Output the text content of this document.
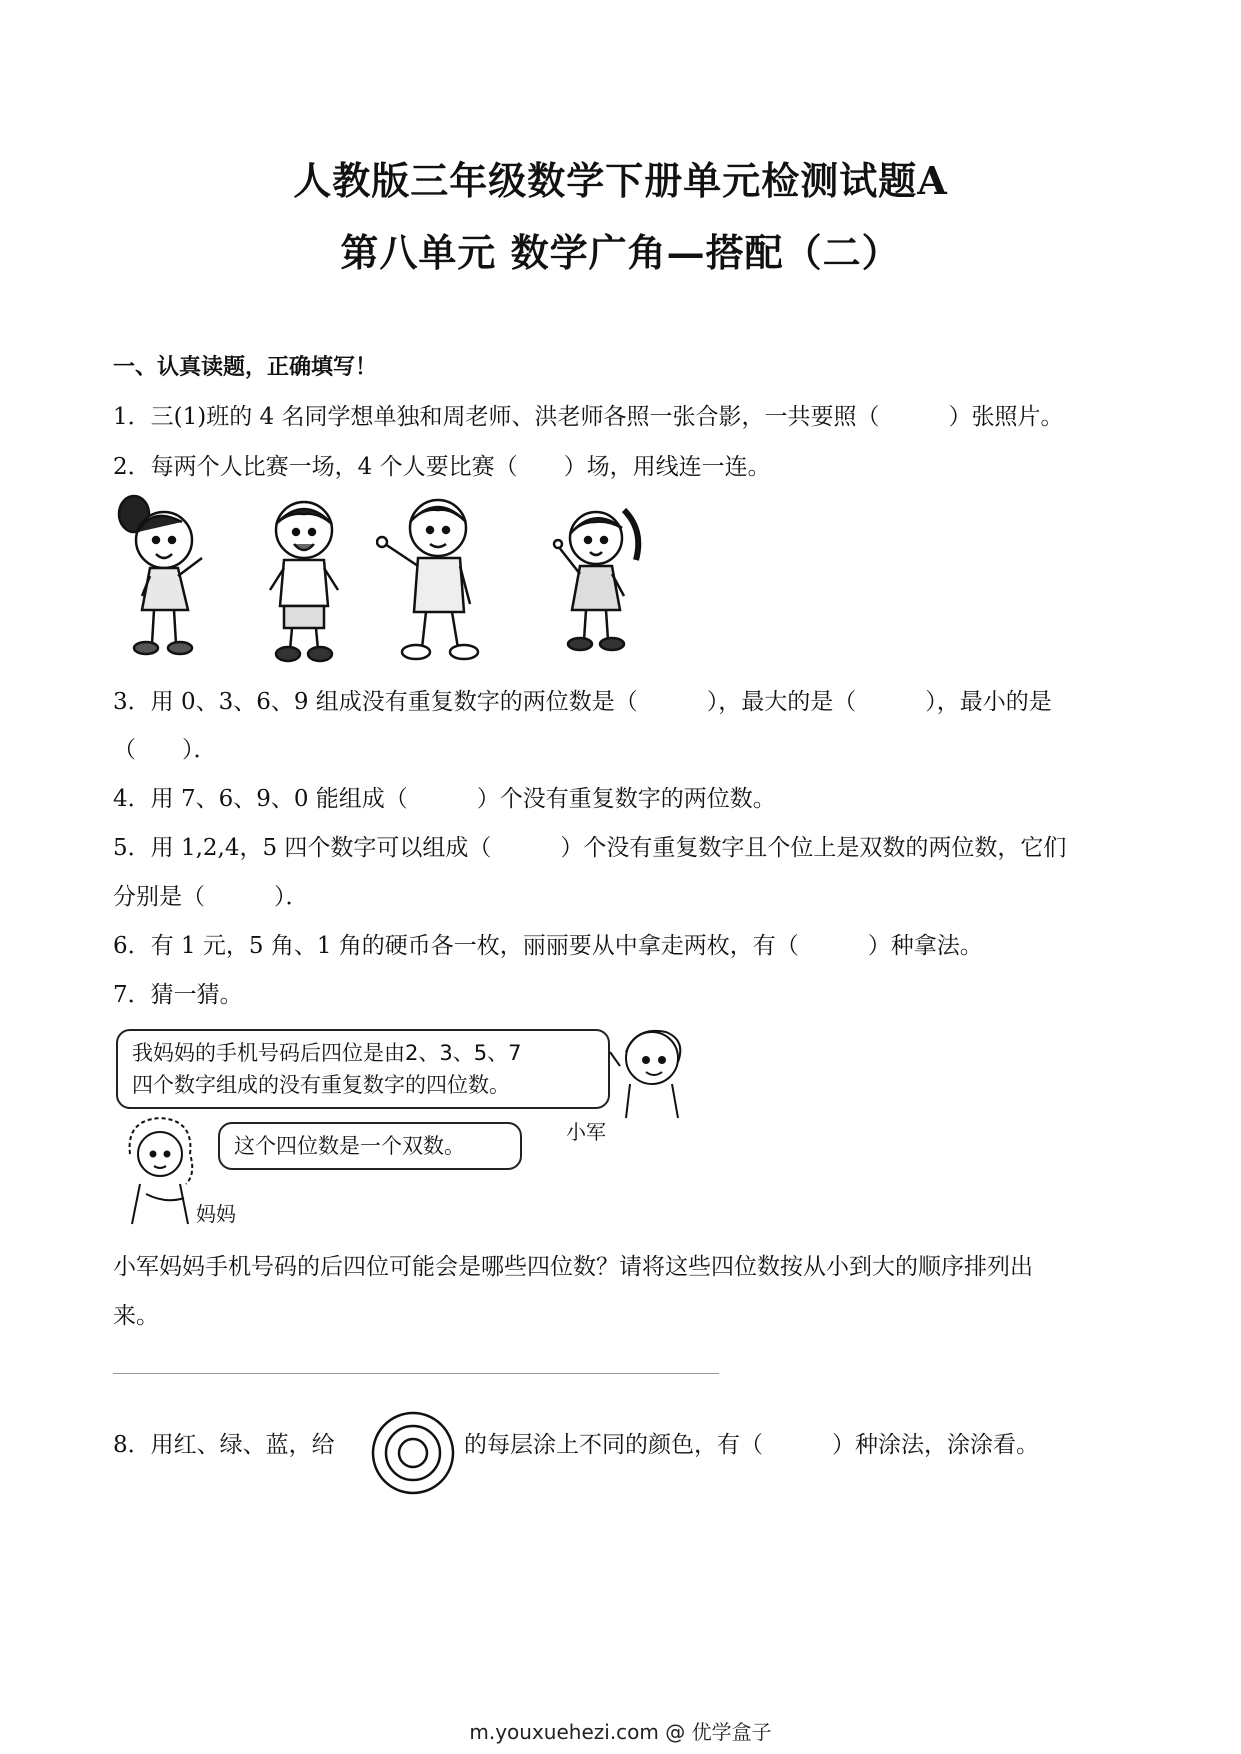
人教版三年级数学下册单元检测试题A
第八单元 数学广角—搭配（二）
一、认真读题，正确填写！
1．三(1)班的 4 名同学想单独和周老师、洪老师各照一张合影，一共要照（　　　）张照片。
2．每两个人比赛一场，4 个人要比赛（　　）场，用线连一连。
3．用 0、3、6、9 组成没有重复数字的两位数是（　　　），最大的是（　　　），最小的是
（　　）．
4．用 7、6、9、0 能组成（　　　）个没有重复数字的两位数。
5．用 1,2,4，5 四个数字可以组成（　　　）个没有重复数字且个位上是双数的两位数，它们
分别是（　　　）．
6．有 1 元，5 角、1 角的硬币各一枚，丽丽要从中拿走两枚，有（　　　）种拿法。
7．猜一猜。
我妈妈的手机号码后四位是由2、3、5、7
四个数字组成的没有重复数字的四位数。
小军
这个四位数是一个双数。
妈妈
小军妈妈手机号码的后四位可能会是哪些四位数？请将这些四位数按从小到大的顺序排列出
来。
8．用红、绿、蓝，给	的每层涂上不同的颜色，有（　　　）种涂法，涂涂看。
m.youxuehezi.com @ 优学盒子
